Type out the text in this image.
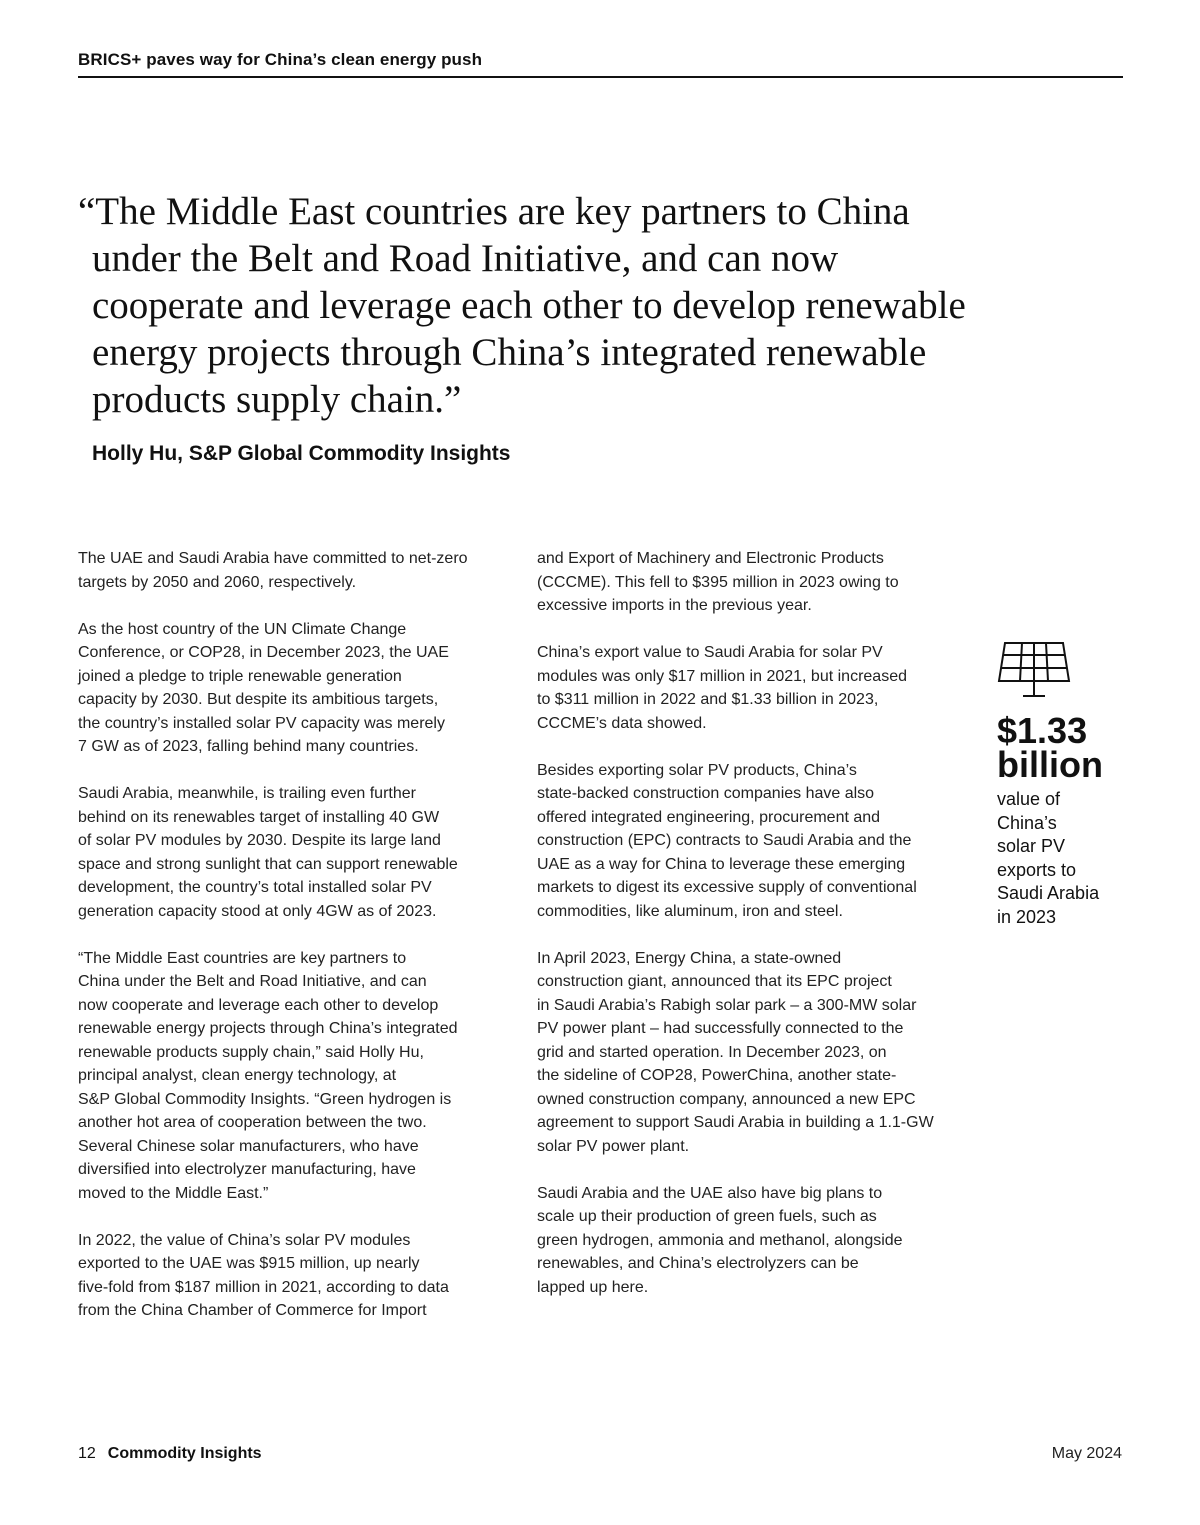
BRICS+ paves way for China’s clean energy push
“The Middle East countries are key partners to China
under the Belt and Road Initiative, and can now
cooperate and leverage each other to develop renewable
energy projects through China’s integrated renewable
products supply chain.”
Holly Hu, S&P Global Commodity Insights

The UAE and Saudi Arabia have committed to net-zero
targets by 2050 and 2060, respectively.

As the host country of the UN Climate Change
Conference, or COP28, in December 2023, the UAE
joined a pledge to triple renewable generation
capacity by 2030. But despite its ambitious targets,
the country’s installed solar PV capacity was merely
7 GW as of 2023, falling behind many countries.

Saudi Arabia, meanwhile, is trailing even further
behind on its renewables target of installing 40 GW
of solar PV modules by 2030. Despite its large land
space and strong sunlight that can support renewable
development, the country’s total installed solar PV
generation capacity stood at only 4GW as of 2023.

“The Middle East countries are key partners to
China under the Belt and Road Initiative, and can
now cooperate and leverage each other to develop
renewable energy projects through China’s integrated
renewable products supply chain,” said Holly Hu,
principal analyst, clean energy technology, at
S&P Global Commodity Insights. “Green hydrogen is
another hot area of cooperation between the two.
Several Chinese solar manufacturers, who have
diversified into electrolyzer manufacturing, have
moved to the Middle East.”

In 2022, the value of China’s solar PV modules
exported to the UAE was $915 million, up nearly
five-fold from $187 million in 2021, according to data
from the China Chamber of Commerce for Import

and Export of Machinery and Electronic Products
(CCCME). This fell to $395 million in 2023 owing to
excessive imports in the previous year.

China’s export value to Saudi Arabia for solar PV
modules was only $17 million in 2021, but increased
to $311 million in 2022 and $1.33 billion in 2023,
CCCME’s data showed.

Besides exporting solar PV products, China’s
state-backed construction companies have also
offered integrated engineering, procurement and
construction (EPC) contracts to Saudi Arabia and the
UAE as a way for China to leverage these emerging
markets to digest its excessive supply of conventional
commodities, like aluminum, iron and steel.

In April 2023, Energy China, a state-owned
construction giant, announced that its EPC project
in Saudi Arabia’s Rabigh solar park – a 300-MW solar
PV power plant – had successfully connected to the
grid and started operation. In December 2023, on
the sideline of COP28, PowerChina, another state-
owned construction company, announced a new EPC
agreement to support Saudi Arabia in building a 1.1-GW
solar PV power plant.

Saudi Arabia and the UAE also have big plans to
scale up their production of green fuels, such as
green hydrogen, ammonia and methanol, alongside
renewables, and China’s electrolyzers can be
lapped up here.

$1.33
billion
value of
China’s
solar PV
exports to
Saudi Arabia
in 2023
12 Commodity Insights	May 2024
